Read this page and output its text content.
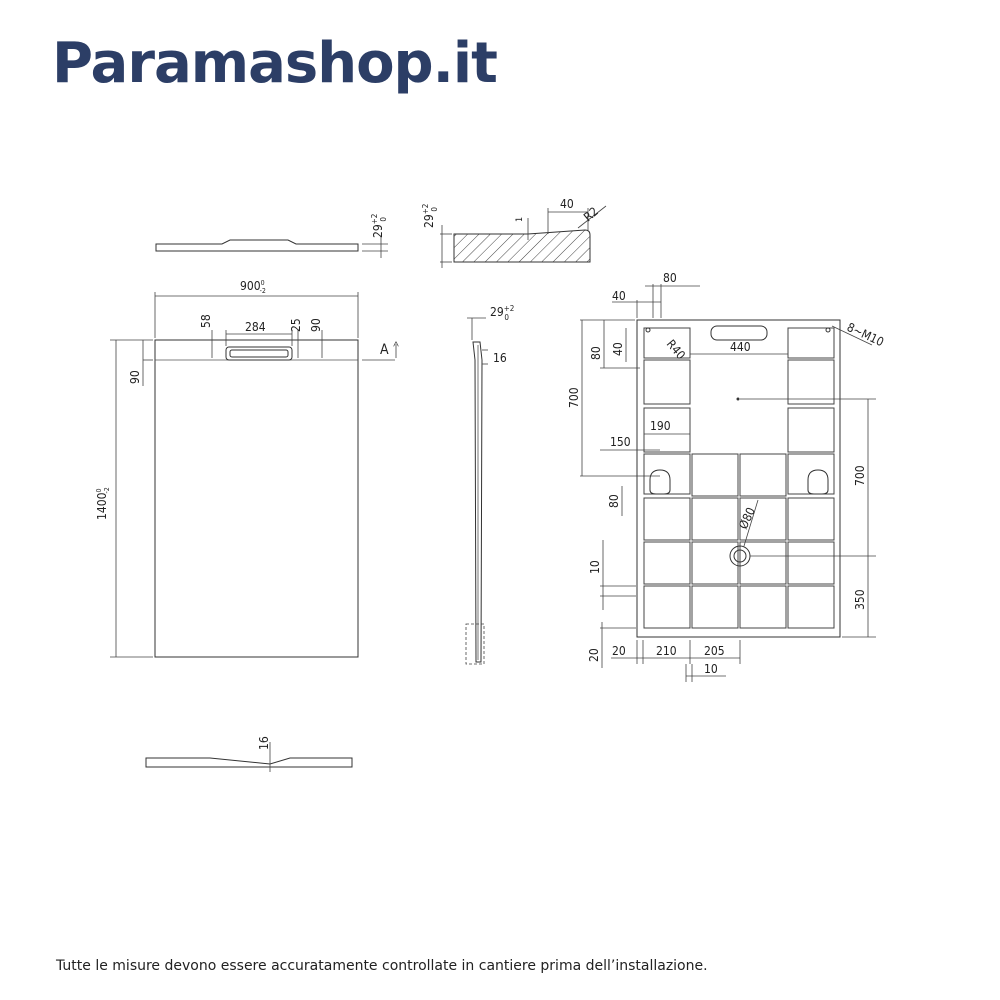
Paramashop.it
$29^{+2}0$	$29^{+2}0$
1
40
R2
$900^0$ -2
284
58	25 90
A
1400$^0$-2
90
$29^{+2}$ 0
16
16
40
80
440
R40
8~M10
700
80 40
150
190
80
10
20
700
350
Ø80
20	210 205
10
Tutte le misure devono essere accuratamente controllate in cantiere prima dell’installazione.
